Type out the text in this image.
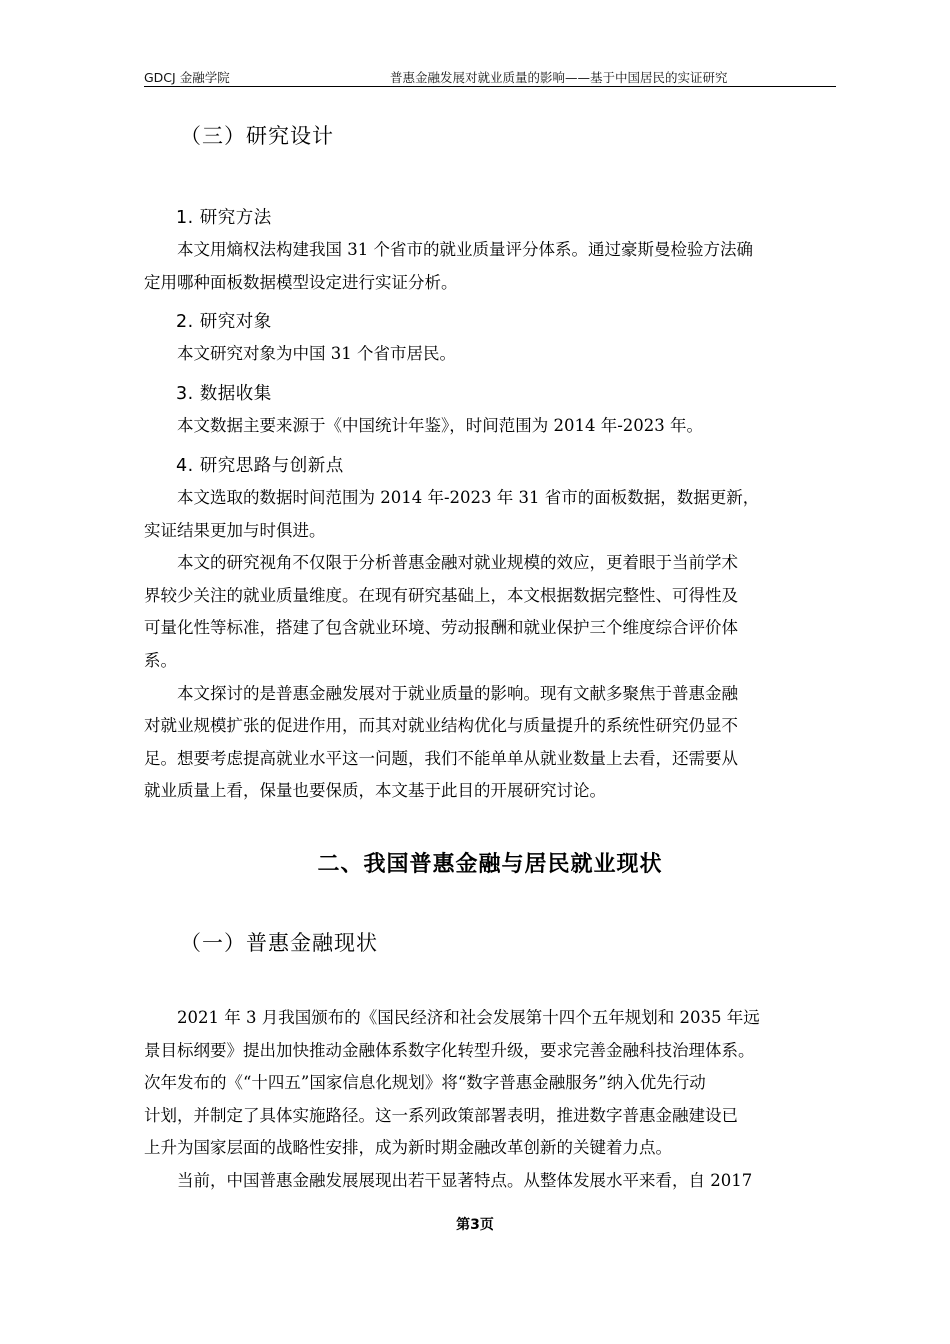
GDCJ 金融学院	普惠金融发展对就业质量的影响——基于中国居民的实证研究
（三）研究设计
1. 研究方法
本文用熵权法构建我国 31 个省市的就业质量评分体系。通过豪斯曼检验方法确
定用哪种面板数据模型设定进行实证分析。
2. 研究对象
本文研究对象为中国 31 个省市居民。
3. 数据收集
本文数据主要来源于《中国统计年鉴》，时间范围为 2014 年-2023 年。
4. 研究思路与创新点
本文选取的数据时间范围为 2014 年-2023 年 31 省市的面板数据，数据更新，
实证结果更加与时俱进。
本文的研究视角不仅限于分析普惠金融对就业规模的效应，更着眼于当前学术
界较少关注的就业质量维度。在现有研究基础上，本文根据数据完整性、可得性及
可量化性等标准，搭建了包含就业环境、劳动报酬和就业保护三个维度综合评价体
系。
本文探讨的是普惠金融发展对于就业质量的影响。现有文献多聚焦于普惠金融
对就业规模扩张的促进作用，而其对就业结构优化与质量提升的系统性研究仍显不
足。想要考虑提高就业水平这一问题，我们不能单单从就业数量上去看，还需要从
就业质量上看，保量也要保质，本文基于此目的开展研究讨论。
二、我国普惠金融与居民就业现状
（一）普惠金融现状
2021 年 3 月我国颁布的《国民经济和社会发展第十四个五年规划和 2035 年远
景目标纲要》提出加快推动金融体系数字化转型升级，要求完善金融科技治理体系。
次年发布的《“十四五”国家信息化规划》将“数字普惠金融服务”纳入优先行动
计划，并制定了具体实施路径。这一系列政策部署表明，推进数字普惠金融建设已
上升为国家层面的战略性安排，成为新时期金融改革创新的关键着力点。
当前，中国普惠金融发展展现出若干显著特点。从整体发展水平来看，自 2017
第3页
